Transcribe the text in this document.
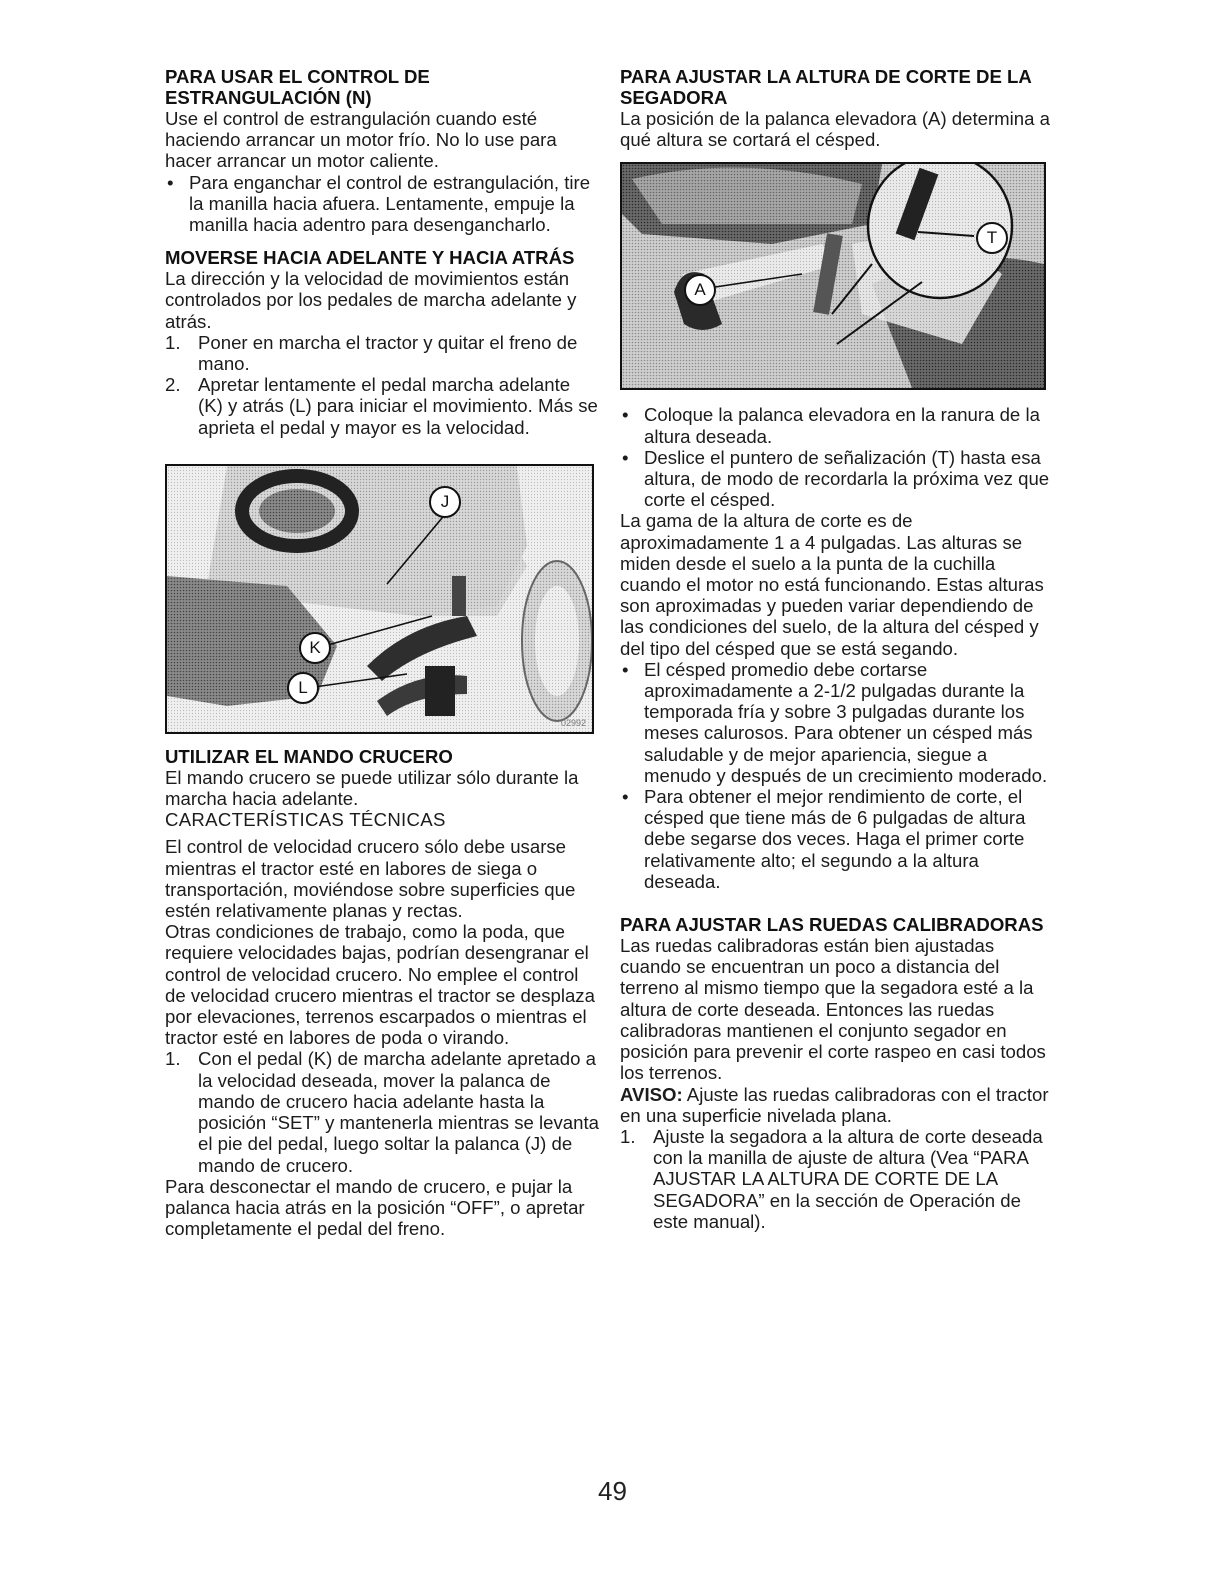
PARA USAR EL CONTROL DE ESTRANGULACIÓN (N)

Use el control de estrangulación cuando esté haciendo arrancar un motor frío. No lo use para hacer arrancar un motor caliente.

• Para enganchar el control de estrangulación, tire la manilla hacia afuera. Lentamente, empuje la manilla hacia adentro para desengancharlo.
MOVERSE HACIA ADELANTE Y HACIA ATRÁS

La dirección y la velocidad de movimientos están controlados por los pedales de marcha adelante y atrás.

1. Poner en marcha el tractor y quitar el freno de mano.
2. Apretar lentamente el pedal marcha adelante (K) y atrás (L) para iniciar el movimiento. Más se aprieta el pedal y mayor es la velocidad.
J
K
L
02992
UTILIZAR EL MANDO CRUCERO

El mando crucero se puede utilizar sólo durante la marcha hacia adelante.

CARACTERÍSTICAS TÉCNICAS

El control de velocidad crucero sólo debe usarse mientras el tractor esté en labores de siega o transportación, moviéndose sobre superficies que estén relativamente planas y rectas.

Otras condiciones de trabajo, como la poda, que requiere velocidades bajas, podrían desengranar el control de velocidad crucero. No emplee el control de velocidad crucero mientras el tractor se desplaza por elevaciones, terrenos escarpados o mientras el tractor esté en labores de poda o virando.

1. Con el pedal (K) de marcha adelante apretado a la velocidad deseada, mover la palanca de mando de crucero hacia adelante hasta la posición “SET” y mantenerla mientras se levanta el pie del pedal, luego soltar la palanca (J) de mando de crucero.

Para desconectar el mando de crucero, e pujar la palanca hacia atrás en la posición “OFF”, o apretar completamente el pedal del freno.

PARA AJUSTAR LA ALTURA DE CORTE DE LA SEGADORA

La posición de la palanca elevadora (A) determina a qué altura se cortará el césped.

T
A
• Coloque la palanca elevadora en la ranura de la altura deseada.
• Deslice el puntero de señalización (T) hasta esa altura, de modo de recordarla la próxima vez que corte el césped.

La gama de la altura de corte es de aproximadamente 1 a 4 pulgadas. Las alturas se miden desde el suelo a la punta de la cuchilla cuando el motor no está funcionando. Estas alturas son aproximadas y pueden variar dependiendo de las condiciones del suelo, de la altura del césped y del tipo del césped que se está segando.

• El césped promedio debe cortarse aproximadamente a 2-1/2 pulgadas durante la temporada fría y sobre 3 pulgadas durante los meses calurosos. Para obtener un césped más saludable y de mejor apariencia, siegue a menudo y después de un crecimiento moderado.
• Para obtener el mejor rendimiento de corte, el césped que tiene más de 6 pulgadas de altura debe segarse dos veces. Haga el primer corte relativamente alto; el segundo a la altura deseada.
PARA AJUSTAR LAS RUEDAS CALIBRADORAS

Las ruedas calibradoras están bien ajustadas cuando se encuentran un poco a distancia del terreno al mismo tiempo que la segadora esté a la altura de corte deseada. Entonces las ruedas calibradoras mantienen el conjunto segador en posición para prevenir el corte raspeo en casi todos los terrenos.

AVISO: Ajuste las ruedas calibradoras con el tractor en una superficie nivelada plana.

1. Ajuste la segadora a la altura de corte deseada con la manilla de ajuste de altura (Vea “PARA AJUSTAR LA ALTURA DE CORTE DE LA SEGADORA” en la sección de Operación de este manual).
49
